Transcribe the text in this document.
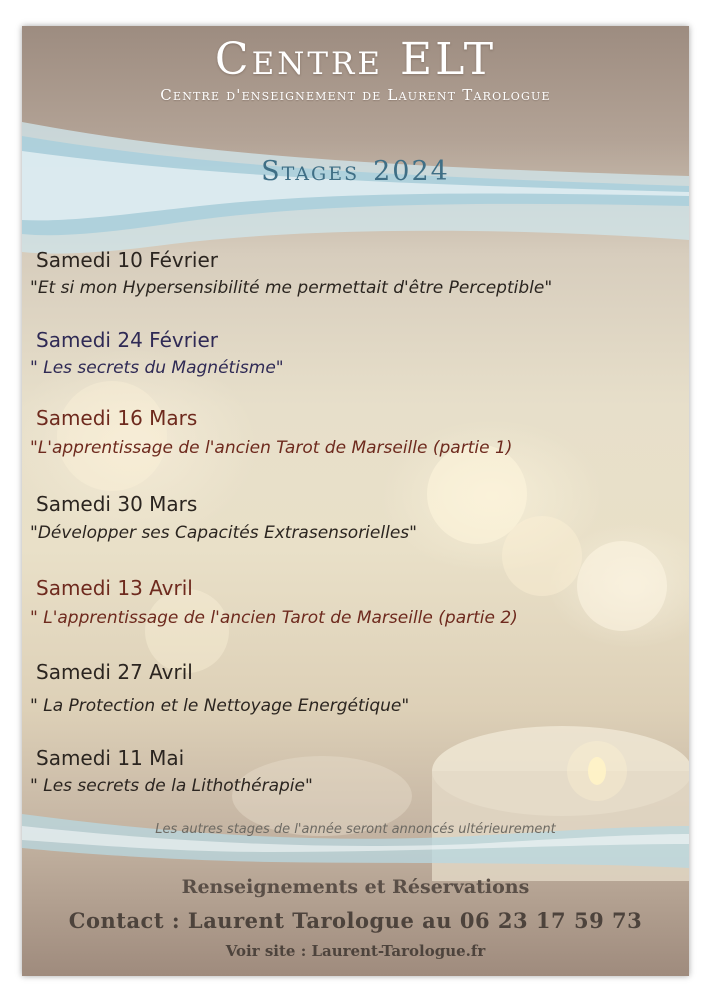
Centre ELT
Centre d'enseignement de Laurent Tarologue
Stages 2024
Samedi 10 Février
"Et si mon Hypersensibilité me permettait d'être Perceptible"
Samedi 24 Février
" Les secrets du Magnétisme"
Samedi 16 Mars
"L'apprentissage de l'ancien Tarot de Marseille (partie 1)
Samedi 30 Mars
"Développer ses Capacités Extrasensorielles"
Samedi 13 Avril
" L'apprentissage de l'ancien Tarot de Marseille (partie 2)
Samedi 27 Avril
" La Protection et le Nettoyage Energétique"
Samedi 11 Mai
" Les secrets de la Lithothérapie"
Les autres stages de l'année seront annoncés ultérieurement
Renseignements et Réservations
Contact : Laurent Tarologue au 06 23 17 59 73
Voir site : Laurent-Tarologue.fr
